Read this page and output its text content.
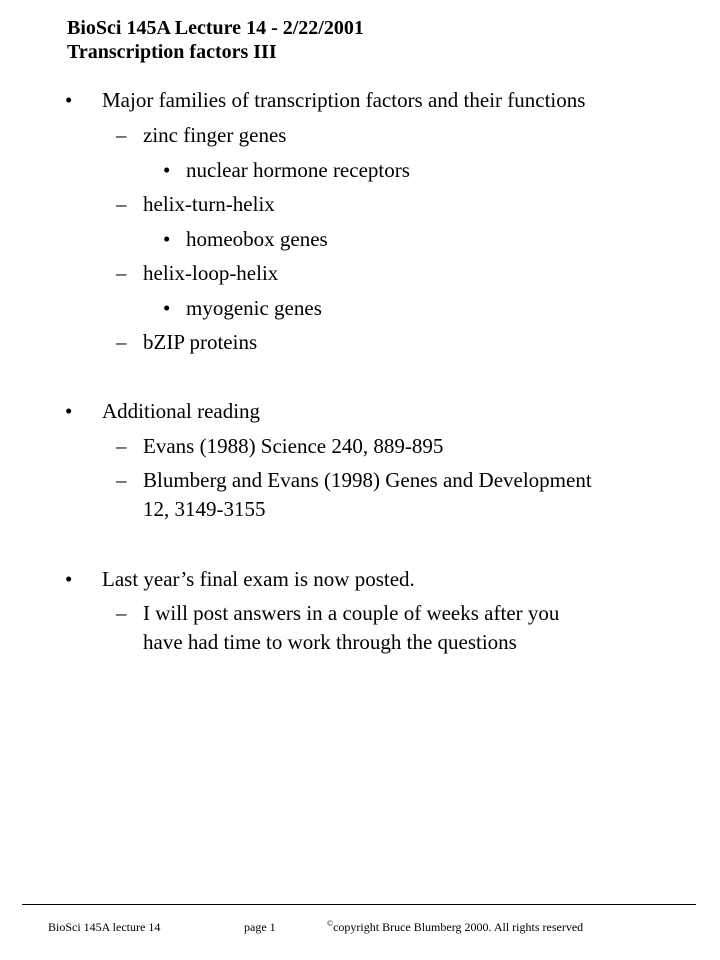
BioSci 145A Lecture 14 - 2/22/2001
Transcription factors III
• Major families of transcription factors and their functions
– zinc finger genes
• nuclear hormone receptors
– helix-turn-helix
• homeobox genes
– helix-loop-helix
• myogenic genes
– bZIP proteins
• Additional reading
– Evans (1988) Science 240, 889-895
– Blumberg and Evans (1998) Genes and Development
12, 3149-3155
• Last year’s final exam is now posted.
– I will post answers in a couple of weeks after you
have had time to work through the questions
BioSci 145A lecture 14	page 1	©copyright Bruce Blumberg 2000. All rights reserved
